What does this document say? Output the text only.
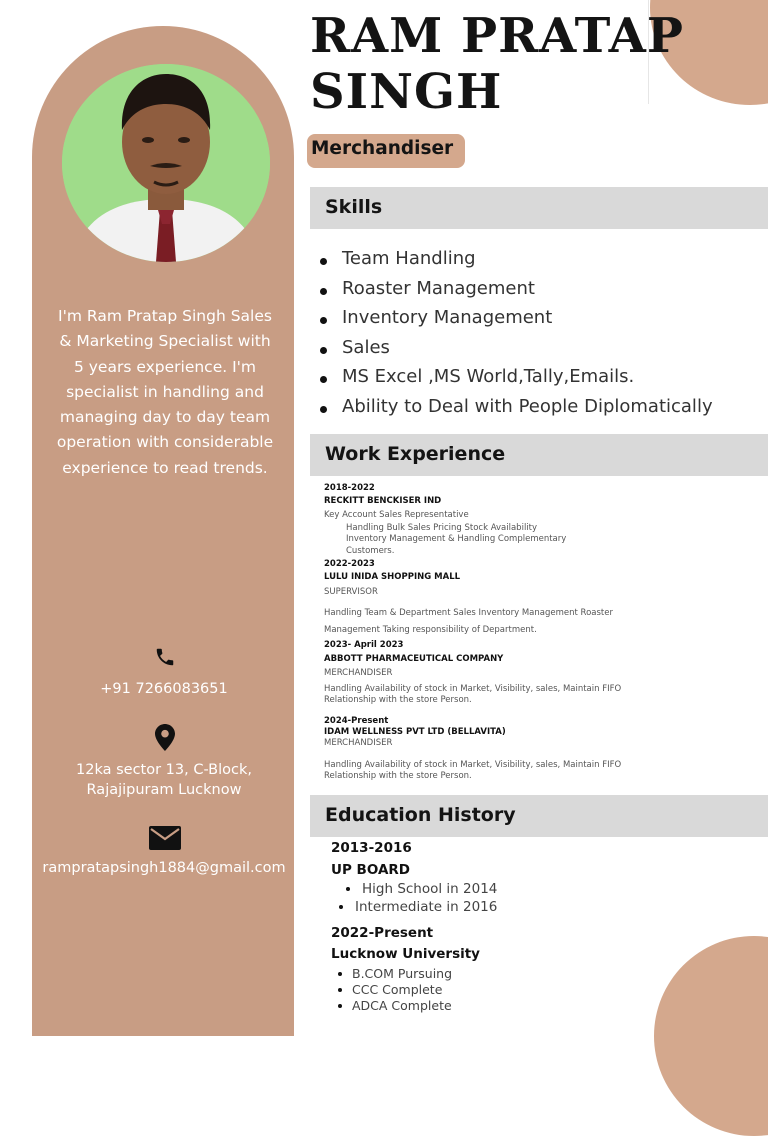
I'm Ram Pratap Singh Sales & Marketing Specialist with 5 years experience. I'm specialist in handling and managing day to day team operation with considerable experience to read trends.
+91 7266083651
12ka sector 13, C-Block,
Rajajipuram Lucknow
rampratapsingh1884@gmail.com
RAM PRATAP
SINGH
Merchandiser
Skills
Team Handling
Roaster Management
Inventory Management
Sales
MS Excel ,MS World,Tally,Emails.
Ability to Deal with People Diplomatically
Work Experience
2018-2022
RECKITT BENCKISER IND
Key Account Sales Representative
Handling Bulk Sales Pricing Stock Availability
Inventory Management & Handling Complementary
Customers.
2022-2023
LULU INIDA SHOPPING MALL
SUPERVISOR
Handling Team & Department Sales Inventory Management Roaster
Management Taking responsibility of Department.
2023- April 2023
ABBOTT PHARMACEUTICAL COMPANY
MERCHANDISER
Handling Availability of stock in Market, Visibility, sales, Maintain FIFO
Relationship with the store Person.
2024-Present
IDAM WELLNESS PVT LTD (BELLAVITA)
MERCHANDISER
Handling Availability of stock in Market, Visibility, sales, Maintain FIFO
Relationship with the store Person.
Education History
2013-2016
UP BOARD
High School in 2014
Intermediate in 2016
2022-Present
Lucknow University
B.COM Pursuing
CCC Complete
ADCA Complete
